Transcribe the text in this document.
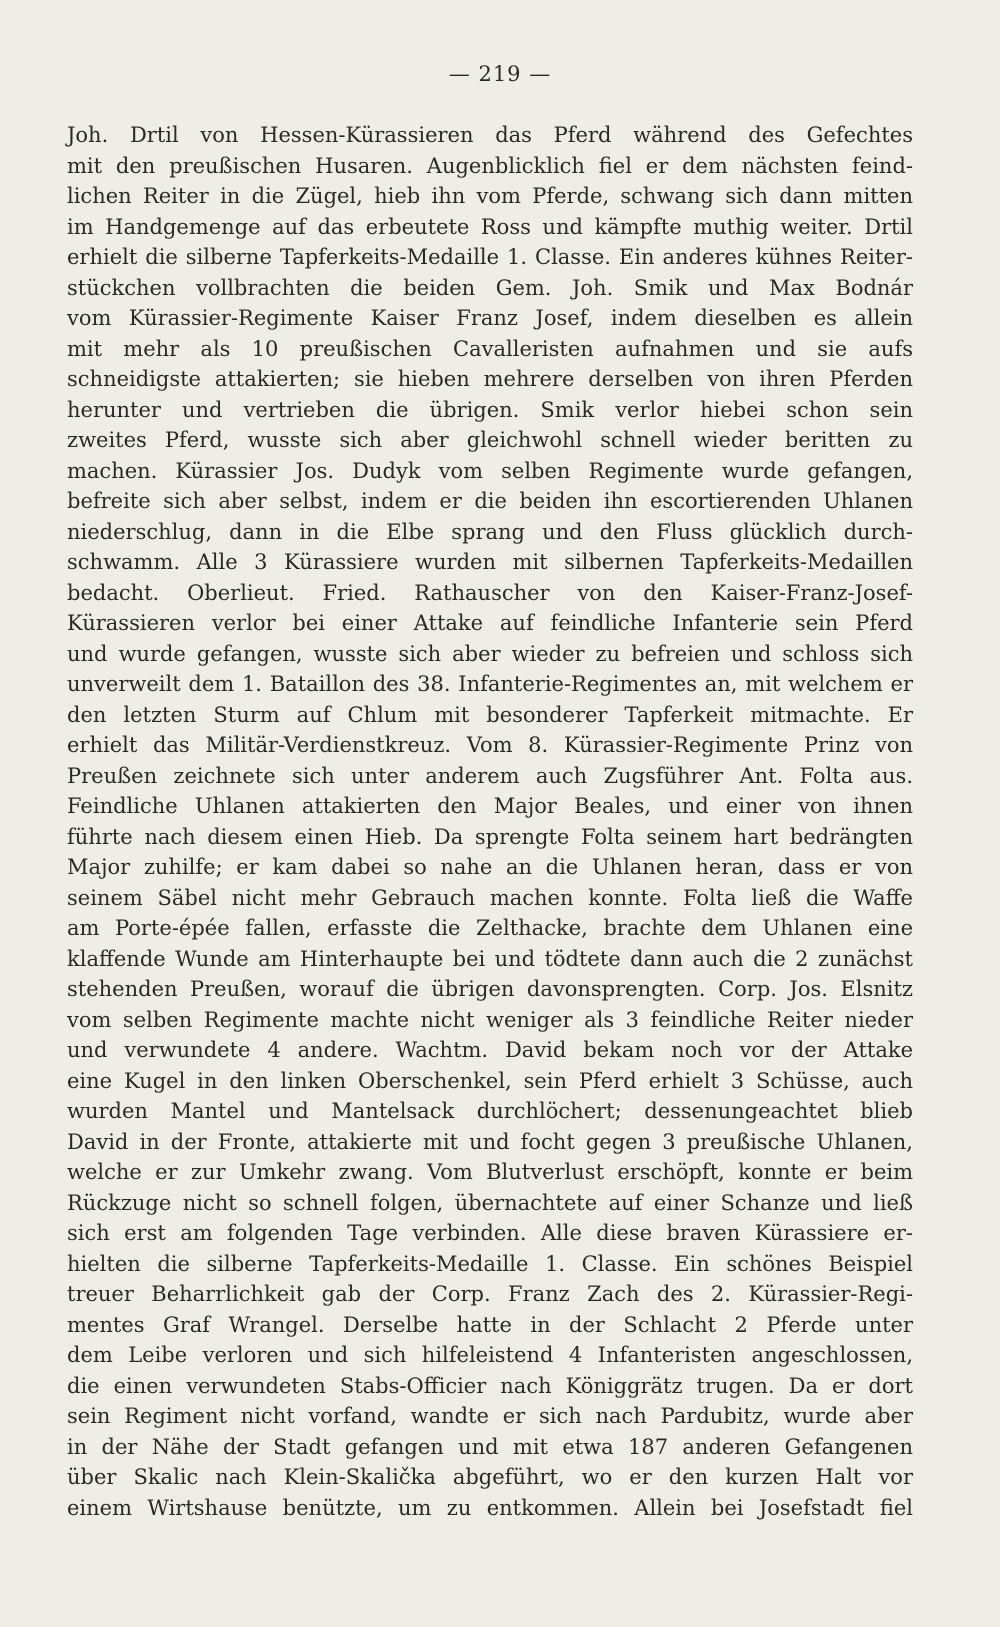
— 219 —
Joh. Drtil von Hessen-Kürassieren das Pferd während des Gefechtes
mit den preußischen Husaren. Augenblicklich fiel er dem nächsten feind-
lichen Reiter in die Zügel, hieb ihn vom Pferde, schwang sich dann mitten
im Handgemenge auf das erbeutete Ross und kämpfte muthig weiter. Drtil
erhielt die silberne Tapferkeits-Medaille 1. Classe. Ein anderes kühnes Reiter-
stückchen vollbrachten die beiden Gem. Joh. Smik und Max Bodnár
vom Kürassier-Regimente Kaiser Franz Josef, indem dieselben es allein
mit mehr als 10 preußischen Cavalleristen aufnahmen und sie aufs
schneidigste attakierten; sie hieben mehrere derselben von ihren Pferden
herunter und vertrieben die übrigen. Smik verlor hiebei schon sein
zweites Pferd, wusste sich aber gleichwohl schnell wieder beritten zu
machen. Kürassier Jos. Dudyk vom selben Regimente wurde gefangen,
befreite sich aber selbst, indem er die beiden ihn escortierenden Uhlanen
niederschlug, dann in die Elbe sprang und den Fluss glücklich durch-
schwamm. Alle 3 Kürassiere wurden mit silbernen Tapferkeits-Medaillen
bedacht. Oberlieut. Fried. Rathauscher von den Kaiser-Franz-Josef-
Kürassieren verlor bei einer Attake auf feindliche Infanterie sein Pferd
und wurde gefangen, wusste sich aber wieder zu befreien und schloss sich
unverweilt dem 1. Bataillon des 38. Infanterie-Regimentes an, mit welchem er
den letzten Sturm auf Chlum mit besonderer Tapferkeit mitmachte. Er
erhielt das Militär-Verdienstkreuz. Vom 8. Kürassier-Regimente Prinz von
Preußen zeichnete sich unter anderem auch Zugsführer Ant. Folta aus.
Feindliche Uhlanen attakierten den Major Beales, und einer von ihnen
führte nach diesem einen Hieb. Da sprengte Folta seinem hart bedrängten
Major zuhilfe; er kam dabei so nahe an die Uhlanen heran, dass er von
seinem Säbel nicht mehr Gebrauch machen konnte. Folta ließ die Waffe
am Porte-épée fallen, erfasste die Zelthacke, brachte dem Uhlanen eine
klaffende Wunde am Hinterhaupte bei und tödtete dann auch die 2 zunächst
stehenden Preußen, worauf die übrigen davonsprengten. Corp. Jos. Elsnitz
vom selben Regimente machte nicht weniger als 3 feindliche Reiter nieder
und verwundete 4 andere. Wachtm. David bekam noch vor der Attake
eine Kugel in den linken Oberschenkel, sein Pferd erhielt 3 Schüsse, auch
wurden Mantel und Mantelsack durchlöchert; dessenungeachtet blieb
David in der Fronte, attakierte mit und focht gegen 3 preußische Uhlanen,
welche er zur Umkehr zwang. Vom Blutverlust erschöpft, konnte er beim
Rückzuge nicht so schnell folgen, übernachtete auf einer Schanze und ließ
sich erst am folgenden Tage verbinden. Alle diese braven Kürassiere er-
hielten die silberne Tapferkeits-Medaille 1. Classe. Ein schönes Beispiel
treuer Beharrlichkeit gab der Corp. Franz Zach des 2. Kürassier-Regi-
mentes Graf Wrangel. Derselbe hatte in der Schlacht 2 Pferde unter
dem Leibe verloren und sich hilfeleistend 4 Infanteristen angeschlossen,
die einen verwundeten Stabs-Officier nach Königgrätz trugen. Da er dort
sein Regiment nicht vorfand, wandte er sich nach Pardubitz, wurde aber
in der Nähe der Stadt gefangen und mit etwa 187 anderen Gefangenen
über Skalic nach Klein-Skalička abgeführt, wo er den kurzen Halt vor
einem Wirtshause benützte, um zu entkommen. Allein bei Josefstadt fiel
